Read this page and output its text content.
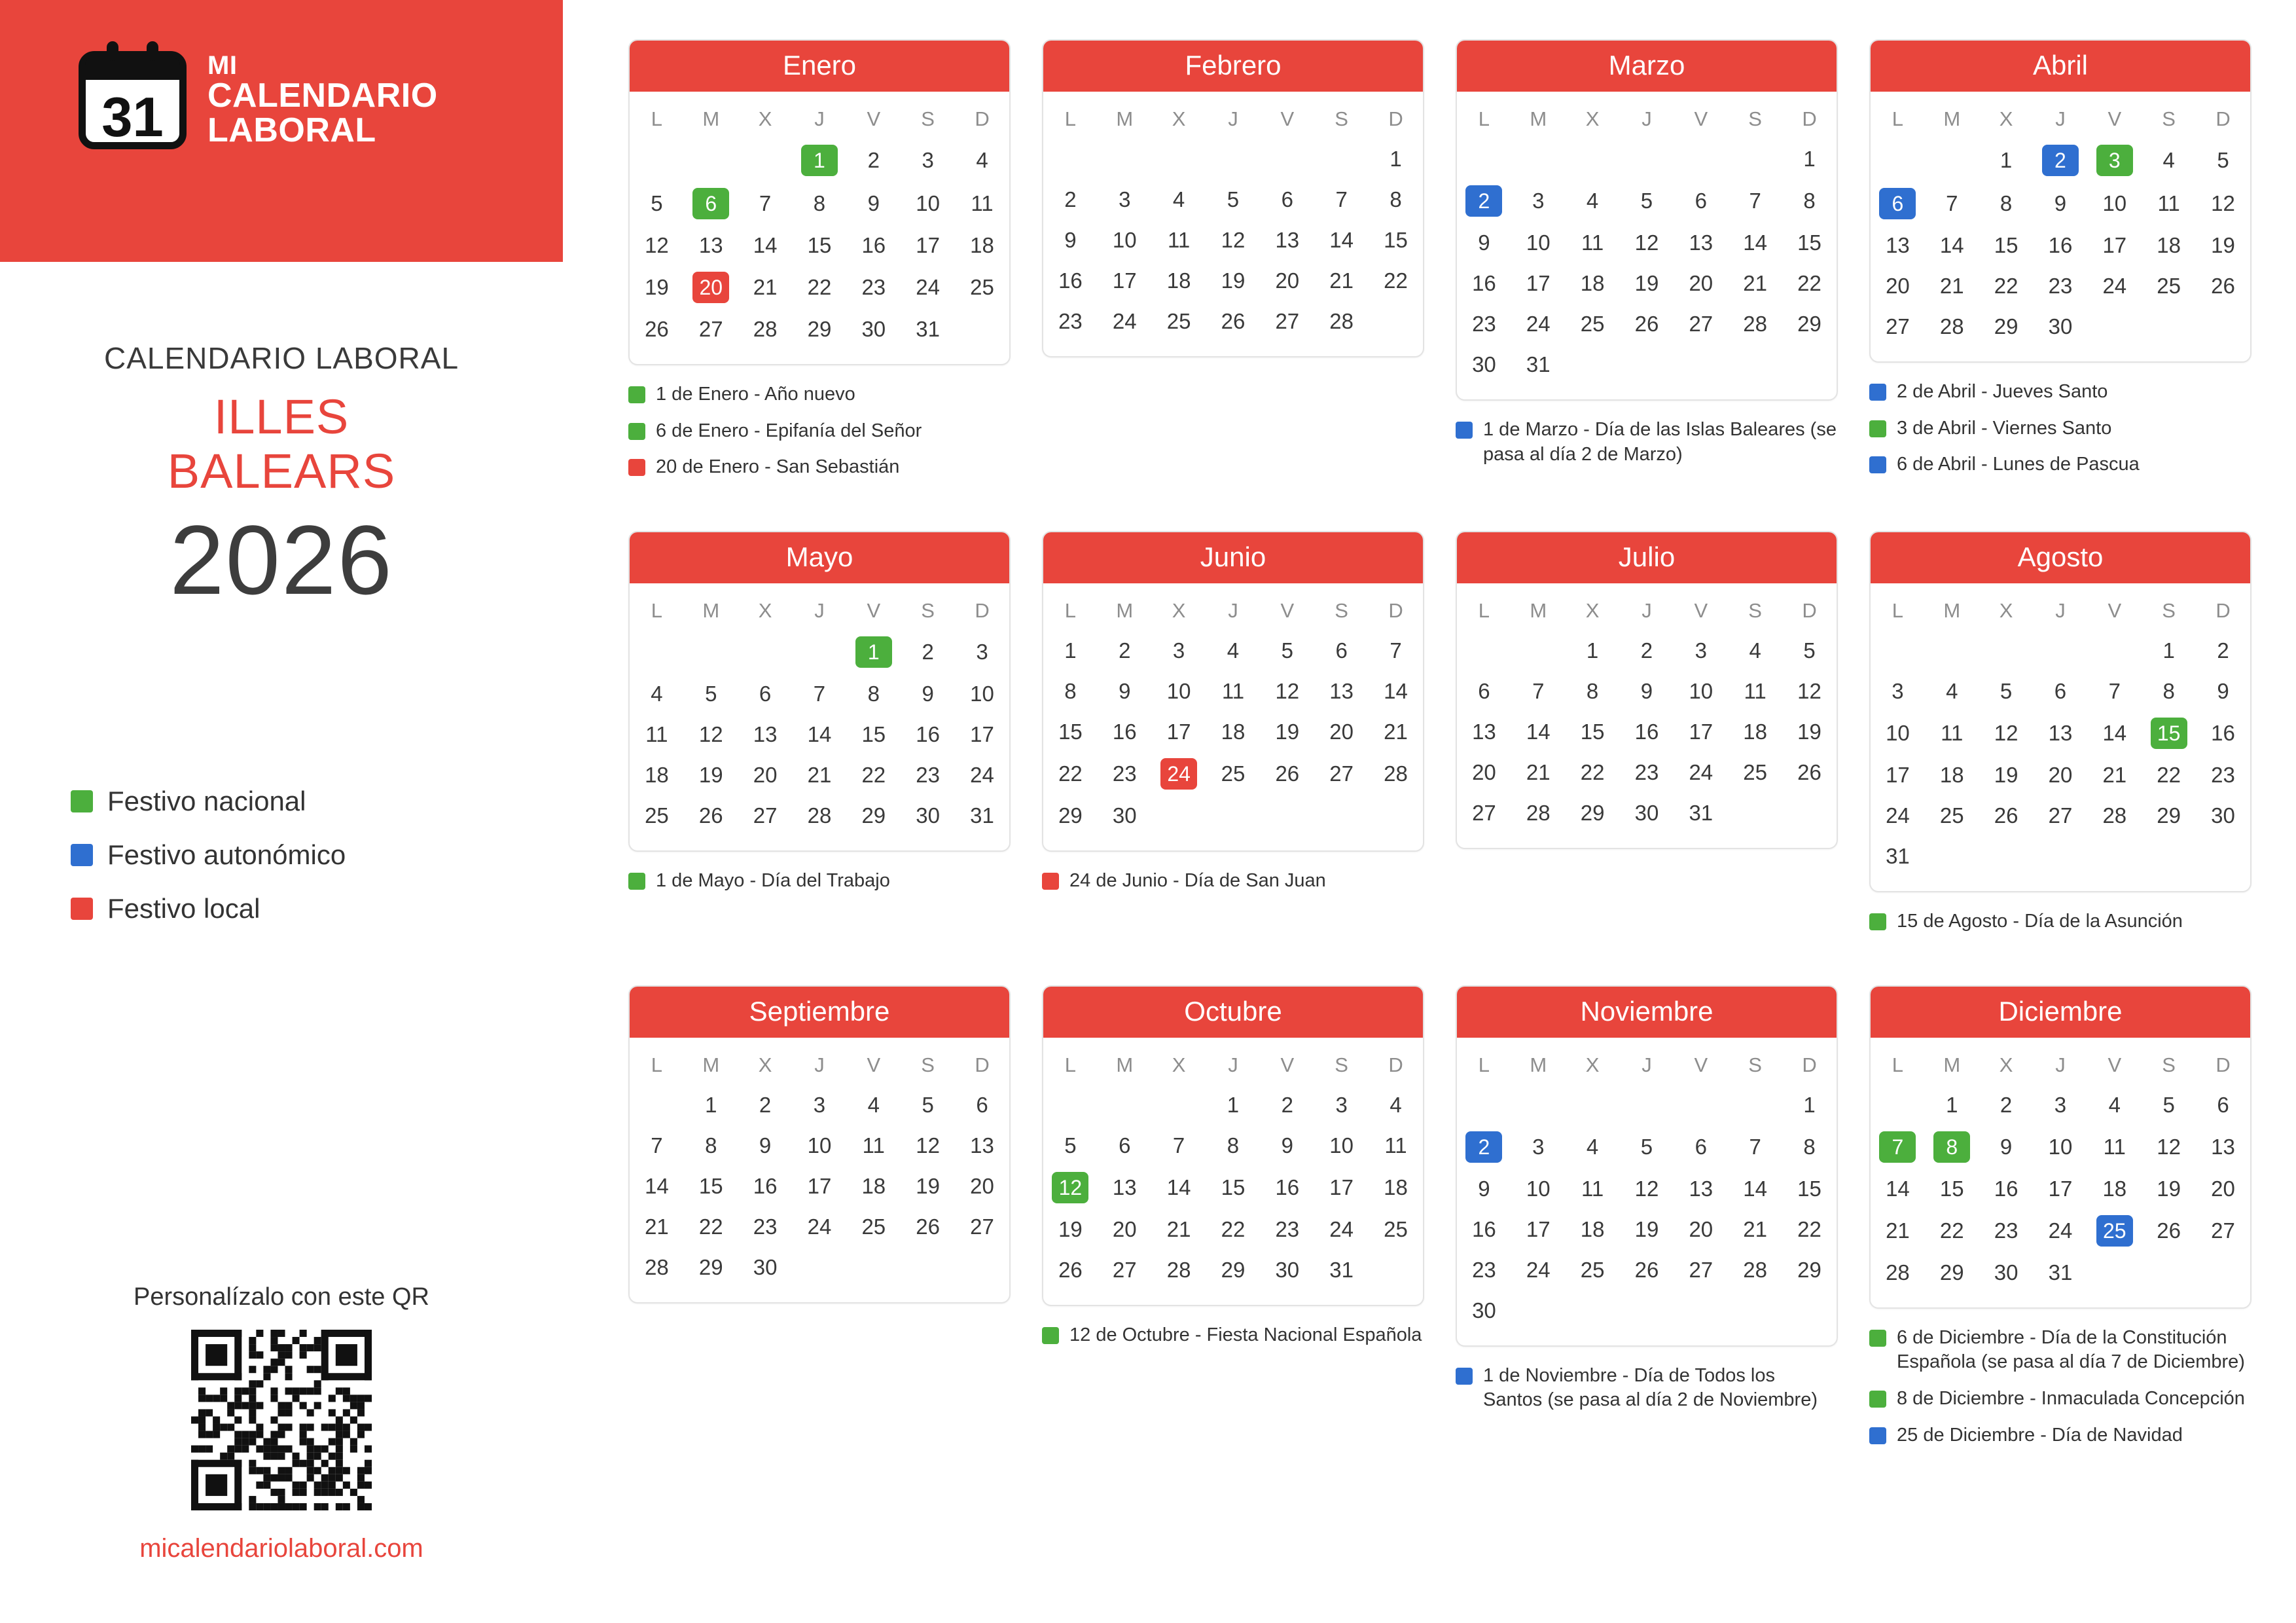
31
MI
CALENDARIO
LABORAL
CALENDARIO LABORAL
ILLES
BALEARS
2026
Festivo nacional
Festivo autonómico
Festivo local
Personalízalo con este QR
micalendariolaboral.com
Enero
L	M	X	J	V	S	D
			1	2	3	4
5	6	7	8	9	10	11
12	13	14	15	16	17	18
19	20	21	22	23	24	25
26	27	28	29	30	31	
1 de Enero - Año nuevo
6 de Enero - Epifanía del Señor
20 de Enero - San Sebastián
Febrero
L	M	X	J	V	S	D
						1
2	3	4	5	6	7	8
9	10	11	12	13	14	15
16	17	18	19	20	21	22
23	24	25	26	27	28	
Marzo
L	M	X	J	V	S	D
						1
2	3	4	5	6	7	8
9	10	11	12	13	14	15
16	17	18	19	20	21	22
23	24	25	26	27	28	29
30	31					
1 de Marzo - Día de las Islas Baleares (se pasa al día 2 de Marzo)
Abril
L	M	X	J	V	S	D
		1	2	3	4	5
6	7	8	9	10	11	12
13	14	15	16	17	18	19
20	21	22	23	24	25	26
27	28	29	30			
2 de Abril - Jueves Santo
3 de Abril - Viernes Santo
6 de Abril - Lunes de Pascua
Mayo
L	M	X	J	V	S	D
				1	2	3
4	5	6	7	8	9	10
11	12	13	14	15	16	17
18	19	20	21	22	23	24
25	26	27	28	29	30	31
1 de Mayo - Día del Trabajo
Junio
L	M	X	J	V	S	D
1	2	3	4	5	6	7
8	9	10	11	12	13	14
15	16	17	18	19	20	21
22	23	24	25	26	27	28
29	30					
24 de Junio - Día de San Juan
Julio
L	M	X	J	V	S	D
		1	2	3	4	5
6	7	8	9	10	11	12
13	14	15	16	17	18	19
20	21	22	23	24	25	26
27	28	29	30	31		
Agosto
L	M	X	J	V	S	D
					1	2
3	4	5	6	7	8	9
10	11	12	13	14	15	16
17	18	19	20	21	22	23
24	25	26	27	28	29	30
31						
15 de Agosto - Día de la Asunción
Septiembre
L	M	X	J	V	S	D
	1	2	3	4	5	6
7	8	9	10	11	12	13
14	15	16	17	18	19	20
21	22	23	24	25	26	27
28	29	30				
Octubre
L	M	X	J	V	S	D
			1	2	3	4
5	6	7	8	9	10	11
12	13	14	15	16	17	18
19	20	21	22	23	24	25
26	27	28	29	30	31	
12 de Octubre - Fiesta Nacional Española
Noviembre
L	M	X	J	V	S	D
						1
2	3	4	5	6	7	8
9	10	11	12	13	14	15
16	17	18	19	20	21	22
23	24	25	26	27	28	29
30						
1 de Noviembre - Día de Todos los Santos (se pasa al día 2 de Noviembre)
Diciembre
L	M	X	J	V	S	D
	1	2	3	4	5	6
7	8	9	10	11	12	13
14	15	16	17	18	19	20
21	22	23	24	25	26	27
28	29	30	31			
6 de Diciembre - Día de la Constitución Española (se pasa al día 7 de Diciembre)
8 de Diciembre - Inmaculada Concepción
25 de Diciembre - Día de Navidad
